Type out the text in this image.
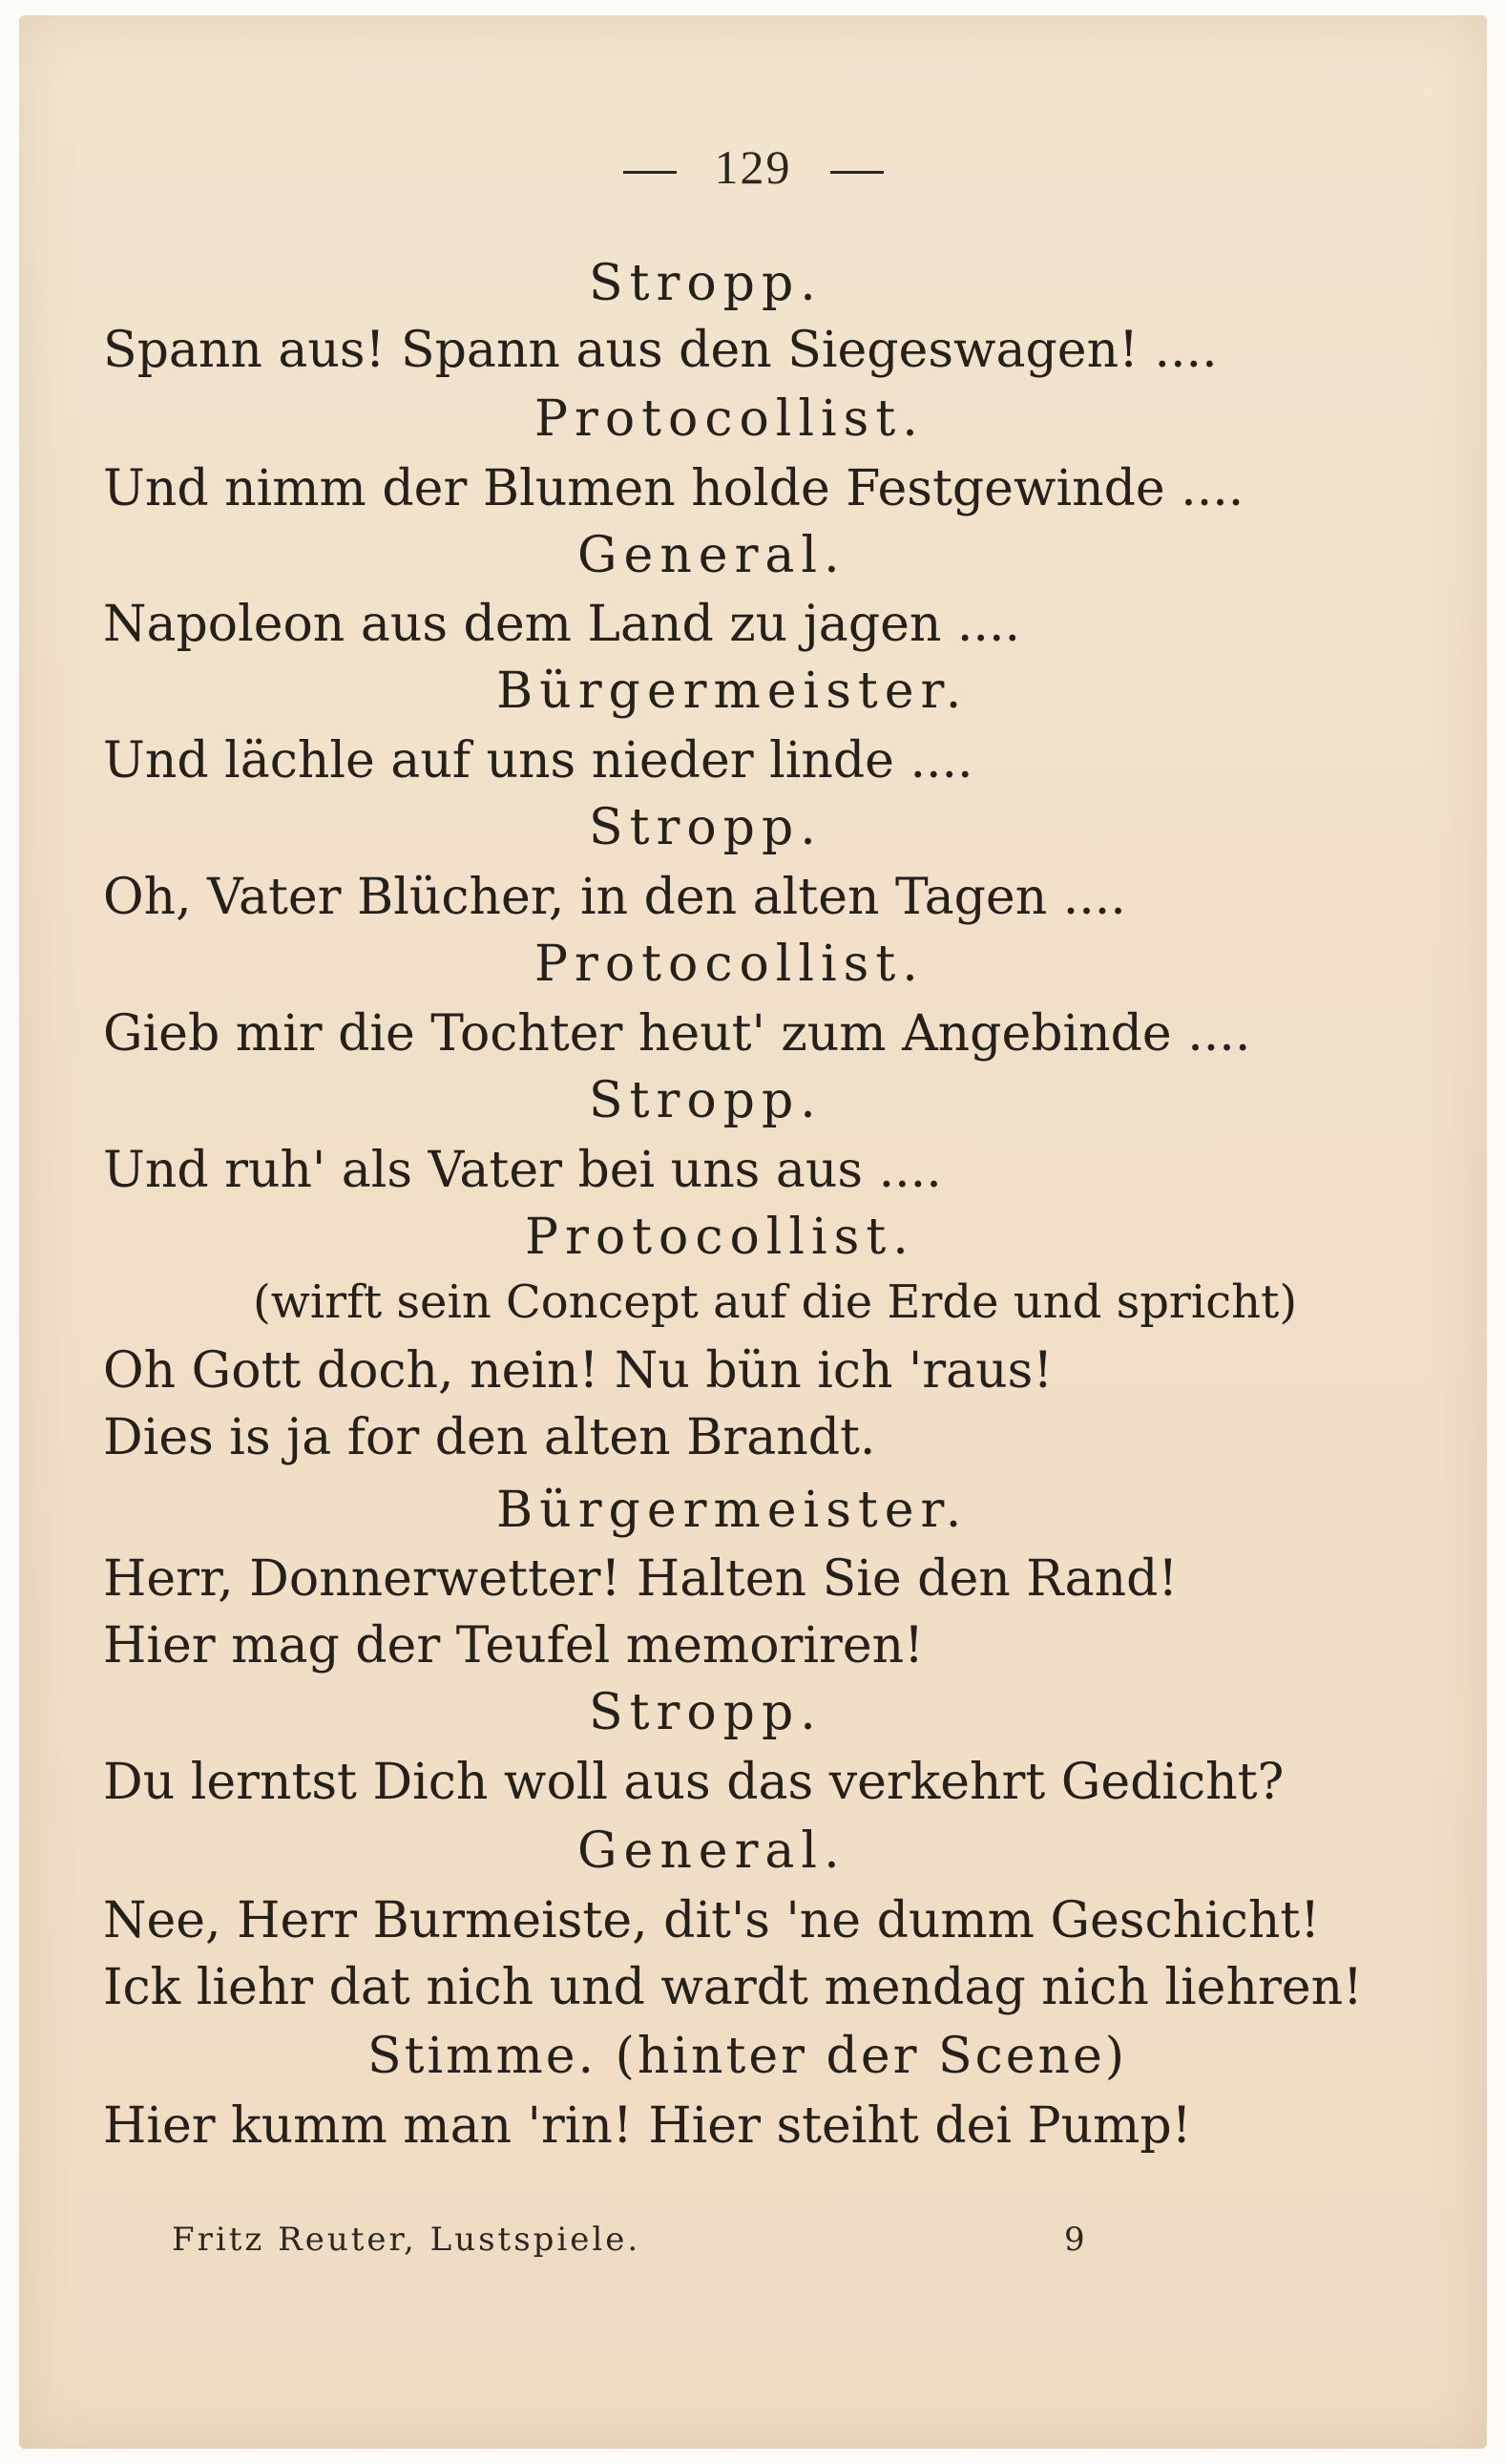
129
Stropp.
Spann aus! Spann aus den Siegeswagen! ....
Protocollist.
Und nimm der Blumen holde Festgewinde ....
General.
Napoleon aus dem Land zu jagen ....
Bürgermeister.
Und lächle auf uns nieder linde ....
Stropp.
Oh, Vater Blücher, in den alten Tagen ....
Protocollist.
Gieb mir die Tochter heut' zum Angebinde ....
Stropp.
Und ruh' als Vater bei uns aus ....
Protocollist.
(wirft sein Concept auf die Erde und spricht)
Oh Gott doch, nein! Nu bün ich 'raus!
Dies is ja for den alten Brandt.
Bürgermeister.
Herr, Donnerwetter! Halten Sie den Rand!
Hier mag der Teufel memoriren!
Stropp.
Du lerntst Dich woll aus das verkehrt Gedicht?
General.
Nee, Herr Burmeiste, dit's 'ne dumm Geschicht!
Ick liehr dat nich und wardt mendag nich liehren!
Stimme. (hinter der Scene)
Hier kumm man 'rin! Hier steiht dei Pump!
Fritz Reuter, Lustspiele.	9
